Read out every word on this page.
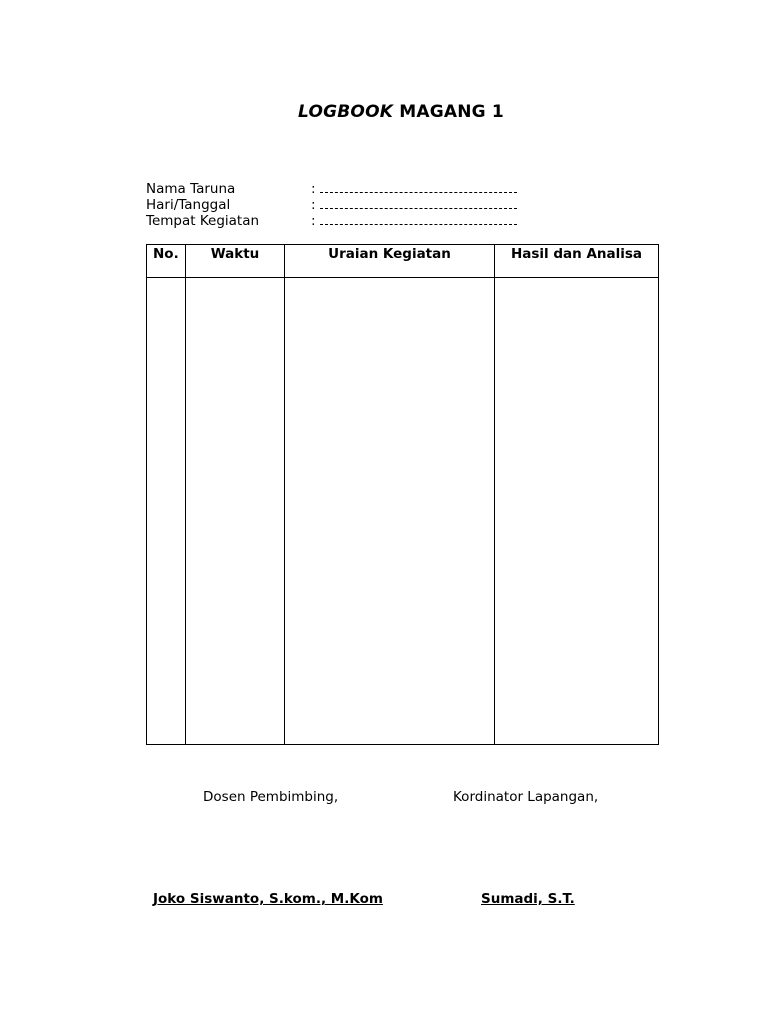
LOGBOOK MAGANG 1
Nama Taruna	:
Hari/Tanggal	:
Tempat Kegiatan	:
No.	Waktu	Uraian Kegiatan	Hasil dan Analisa

Dosen Pembimbing,	Kordinator Lapangan,
Joko Siswanto, S.kom., M.Kom	Sumadi, S.T.
